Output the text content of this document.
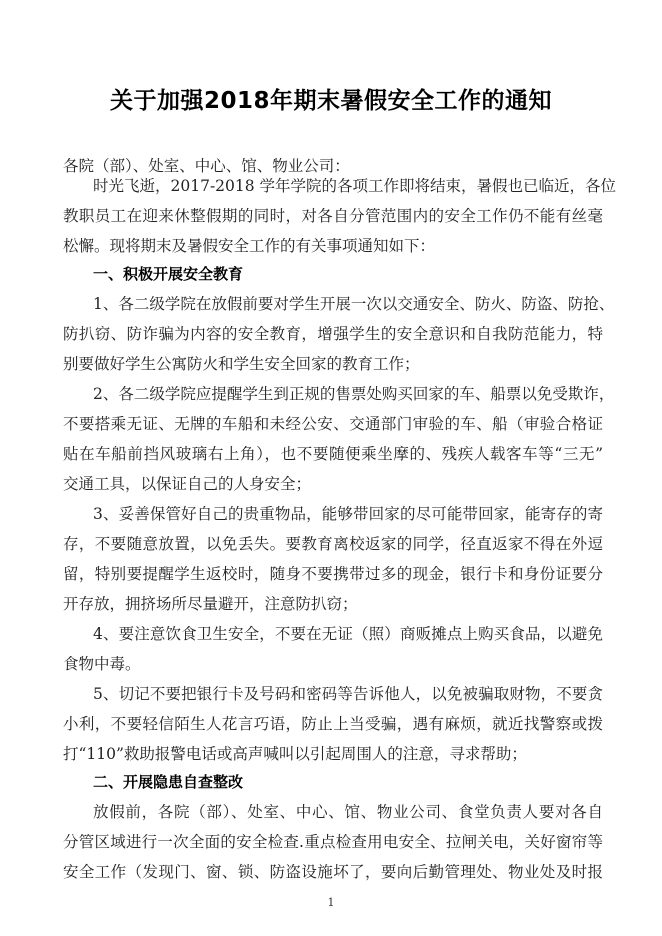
关于加强2018年期末暑假安全工作的通知
各院（部）、处室、中心、馆、物业公司：
时光飞逝，2017-2018 学年学院的各项工作即将结束，暑假也已临近，各位
教职员工在迎来休整假期的同时，对各自分管范围内的安全工作仍不能有丝毫
松懈。现将期末及暑假安全工作的有关事项通知如下：
一、积极开展安全教育
1、各二级学院在放假前要对学生开展一次以交通安全、防火、防盗、防抢、
防扒窃、防诈骗为内容的安全教育，增强学生的安全意识和自我防范能力，特
别要做好学生公寓防火和学生安全回家的教育工作；
2、各二级学院应提醒学生到正规的售票处购买回家的车、船票以免受欺诈，
不要搭乘无证、无牌的车船和未经公安、交通部门审验的车、船（审验合格证
贴在车船前挡风玻璃右上角），也不要随便乘坐摩的、残疾人载客车等“三无”
交通工具，以保证自己的人身安全；
3、妥善保管好自己的贵重物品，能够带回家的尽可能带回家，能寄存的寄
存，不要随意放置，以免丢失。要教育离校返家的同学，径直返家不得在外逗
留，特别要提醒学生返校时，随身不要携带过多的现金，银行卡和身份证要分
开存放，拥挤场所尽量避开，注意防扒窃；
4、要注意饮食卫生安全，不要在无证（照）商贩摊点上购买食品，以避免
食物中毒。
5、切记不要把银行卡及号码和密码等告诉他人，以免被骗取财物，不要贪
小利，不要轻信陌生人花言巧语，防止上当受骗，遇有麻烦，就近找警察或拨
打“110”救助报警电话或高声喊叫以引起周围人的注意，寻求帮助；
二、开展隐患自查整改
放假前，各院（部）、处室、中心、馆、物业公司、食堂负责人要对各自
分管区域进行一次全面的安全检查.重点检查用电安全、拉闸关电，关好窗帘等
安全工作（发现门、窗、锁、防盗设施坏了，要向后勤管理处、物业处及时报
1
